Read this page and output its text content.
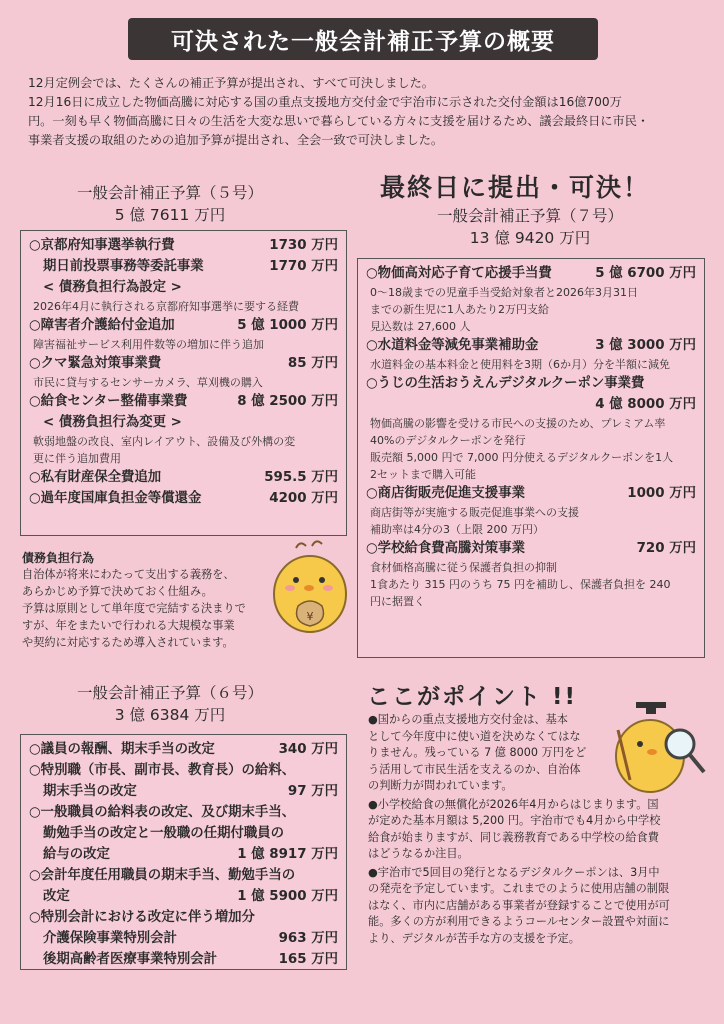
可決された一般会計補正予算の概要

12月定例会では、たくさんの補正予算が提出され、すべて可決しました。

12月16日に成立した物価高騰に対応する国の重点支援地方交付金で宇治市に示された交付金額は16億700万

円。一刻も早く物価高騰に日々の生活を大変な思いで暮らしている方々に支援を届けるため、議会最終日に市民・

事業者支援の取組のための追加予算が提出され、全会一致で可決しました。

一般会計補正予算（５号）
5 億 7611 万円
○京都府知事選挙執行費	1730 万円
期日前投票事務等委託事業	1770 万円
< 債務負担行為設定 >
2026年4月に執行される京都府知事選挙に要する経費
○障害者介護給付金追加	5 億 1000 万円
障害福祉サービス利用件数等の増加に伴う追加
○クマ緊急対策事業費	85 万円
市民に貸与するセンサーカメラ、草刈機の購入
○給食センター整備事業費	8 億 2500 万円
< 債務負担行為変更 >
軟弱地盤の改良、室内レイアウト、設備及び外構の変
更に伴う追加費用
○私有財産保全費追加	595.5 万円
○過年度国庫負担金等償還金	4200 万円
債務負担行為
自治体が将来にわたって支出する義務を、
あらかじめ予算で決めておく仕組み。
予算は原則として単年度で完結する決まりで
すが、年をまたいで行われる大規模な事業
や契約に対応するため導入されています。
¥
最終日に提出・可決！
一般会計補正予算（７号）
13 億 9420 万円
○物価高対応子育て応援手当費	5 億 6700 万円
0～18歳までの児童手当受給対象者と2026年3月31日
までの新生児に1人あたり2万円支給
見込数は 27,600 人
○水道料金等減免事業補助金	3 億 3000 万円
水道料金の基本料金と使用料を3期（6か月）分を半額に減免
○うじの生活おうえんデジタルクーポン事業費
4 億 8000 万円
物価高騰の影響を受ける市民への支援のため、プレミアム率
40%のデジタルクーポンを発行
販売額 5,000 円で 7,000 円分使えるデジタルクーポンを1人
2セットまで購入可能
○商店街販売促進支援事業	1000 万円
商店街等が実施する販売促進事業への支援
補助率は4分の3（上限 200 万円）
○学校給食費高騰対策事業	720 万円
食材価格高騰に従う保護者負担の抑制
1食あたり 315 円のうち 75 円を補助し、保護者負担を 240
円に据置く
一般会計補正予算（６号）
3 億 6384 万円
○議員の報酬、期末手当の改定	340 万円
○特別職（市長、副市長、教育長）の給料、
期末手当の改定	97 万円
○一般職員の給料表の改定、及び期末手当、
勤勉手当の改定と一般職の任期付職員の
給与の改定	1 億 8917 万円
○会計年度任用職員の期末手当、勤勉手当の
改定	1 億 5900 万円
○特別会計における改定に伴う増加分
介護保険事業特別会計	963 万円
後期高齢者医療事業特別会計	165 万円
ここがポイント !!
●国からの重点支援地方交付金は、基本
として今年度中に使い道を決めなくてはな
りません。残っている 7 億 8000 万円をど
う活用して市民生活を支えるのか、自治体
の判断力が問われています。
●小学校給食の無償化が2026年4月からはじまります。国
が定めた基本月額は 5,200 円。宇治市でも4月から中学校
給食が始まりますが、同じ義務教育である中学校の給食費
はどうなるか注目。
●宇治市で5回目の発行となるデジタルクーポンは、3月中
の発売を予定しています。これまでのように使用店舗の制限
はなく、市内に店舗がある事業者が登録することで使用が可
能。多くの方が利用できるようコールセンター設置や対面に
より、デジタルが苦手な方の支援を予定。
